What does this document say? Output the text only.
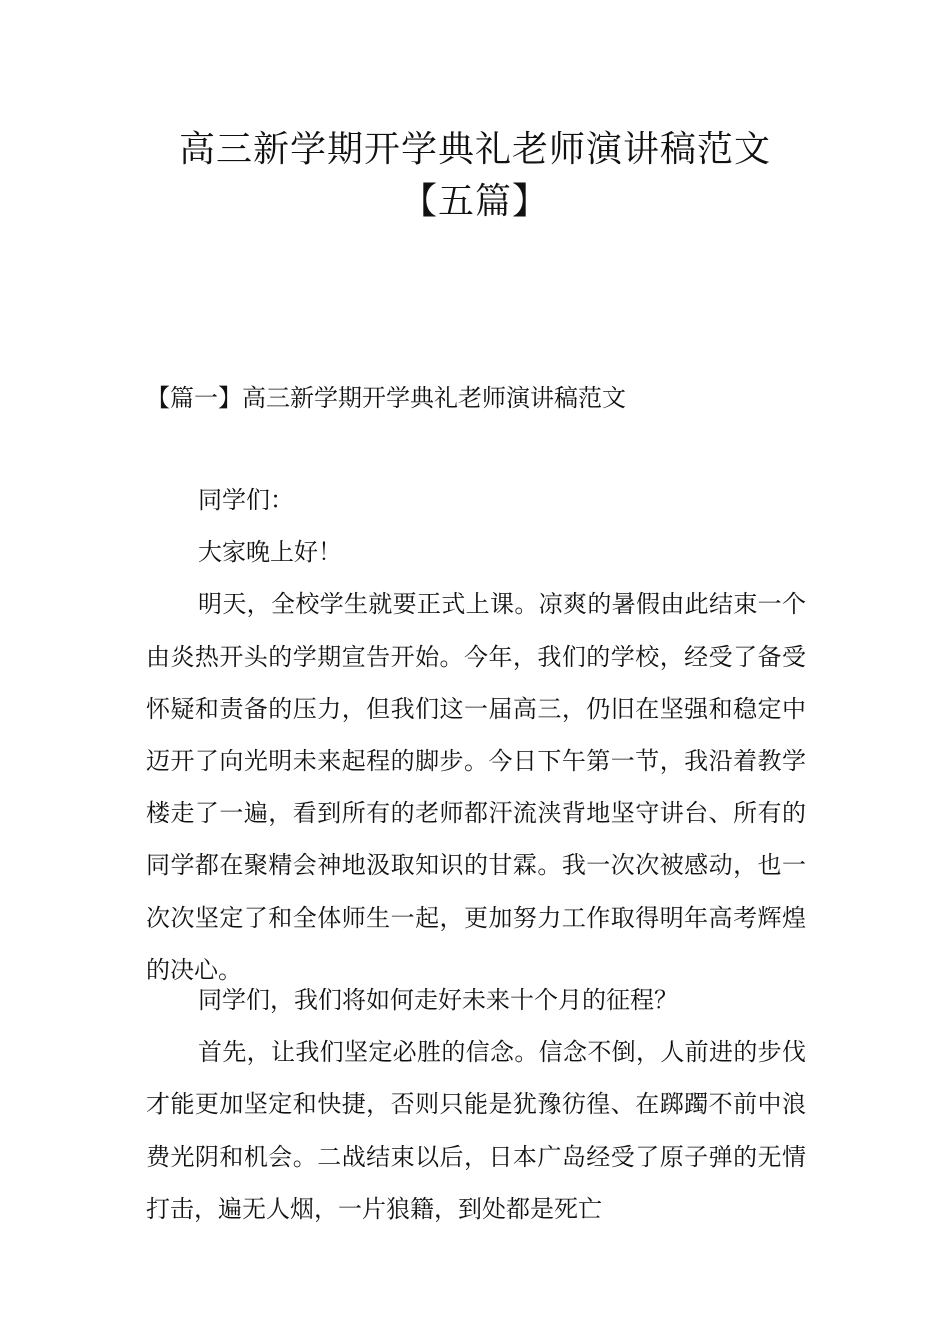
高三新学期开学典礼老师演讲稿范文【五篇】
【篇一】高三新学期开学典礼老师演讲稿范文

同学们：

大家晚上好！

明天，全校学生就要正式上课。凉爽的暑假由此结束一个由炎热开头的学期宣告开始。今年，我们的学校，经受了备受怀疑和责备的压力，但我们这一届高三，仍旧在坚强和稳定中迈开了向光明未来起程的脚步。今日下午第一节，我沿着教学楼走了一遍，看到所有的老师都汗流浃背地坚守讲台、所有的同学都在聚精会神地汲取知识的甘霖。我一次次被感动，也一次次坚定了和全体师生一起，更加努力工作取得明年高考辉煌的决心。

同学们，我们将如何走好未来十个月的征程？

首先，让我们坚定必胜的信念。信念不倒，人前进的步伐才能更加坚定和快捷，否则只能是犹豫彷徨、在踯躅不前中浪费光阴和机会。二战结束以后，日本广岛经受了原子弹的无情打击，遍无人烟，一片狼籍，到处都是死亡
